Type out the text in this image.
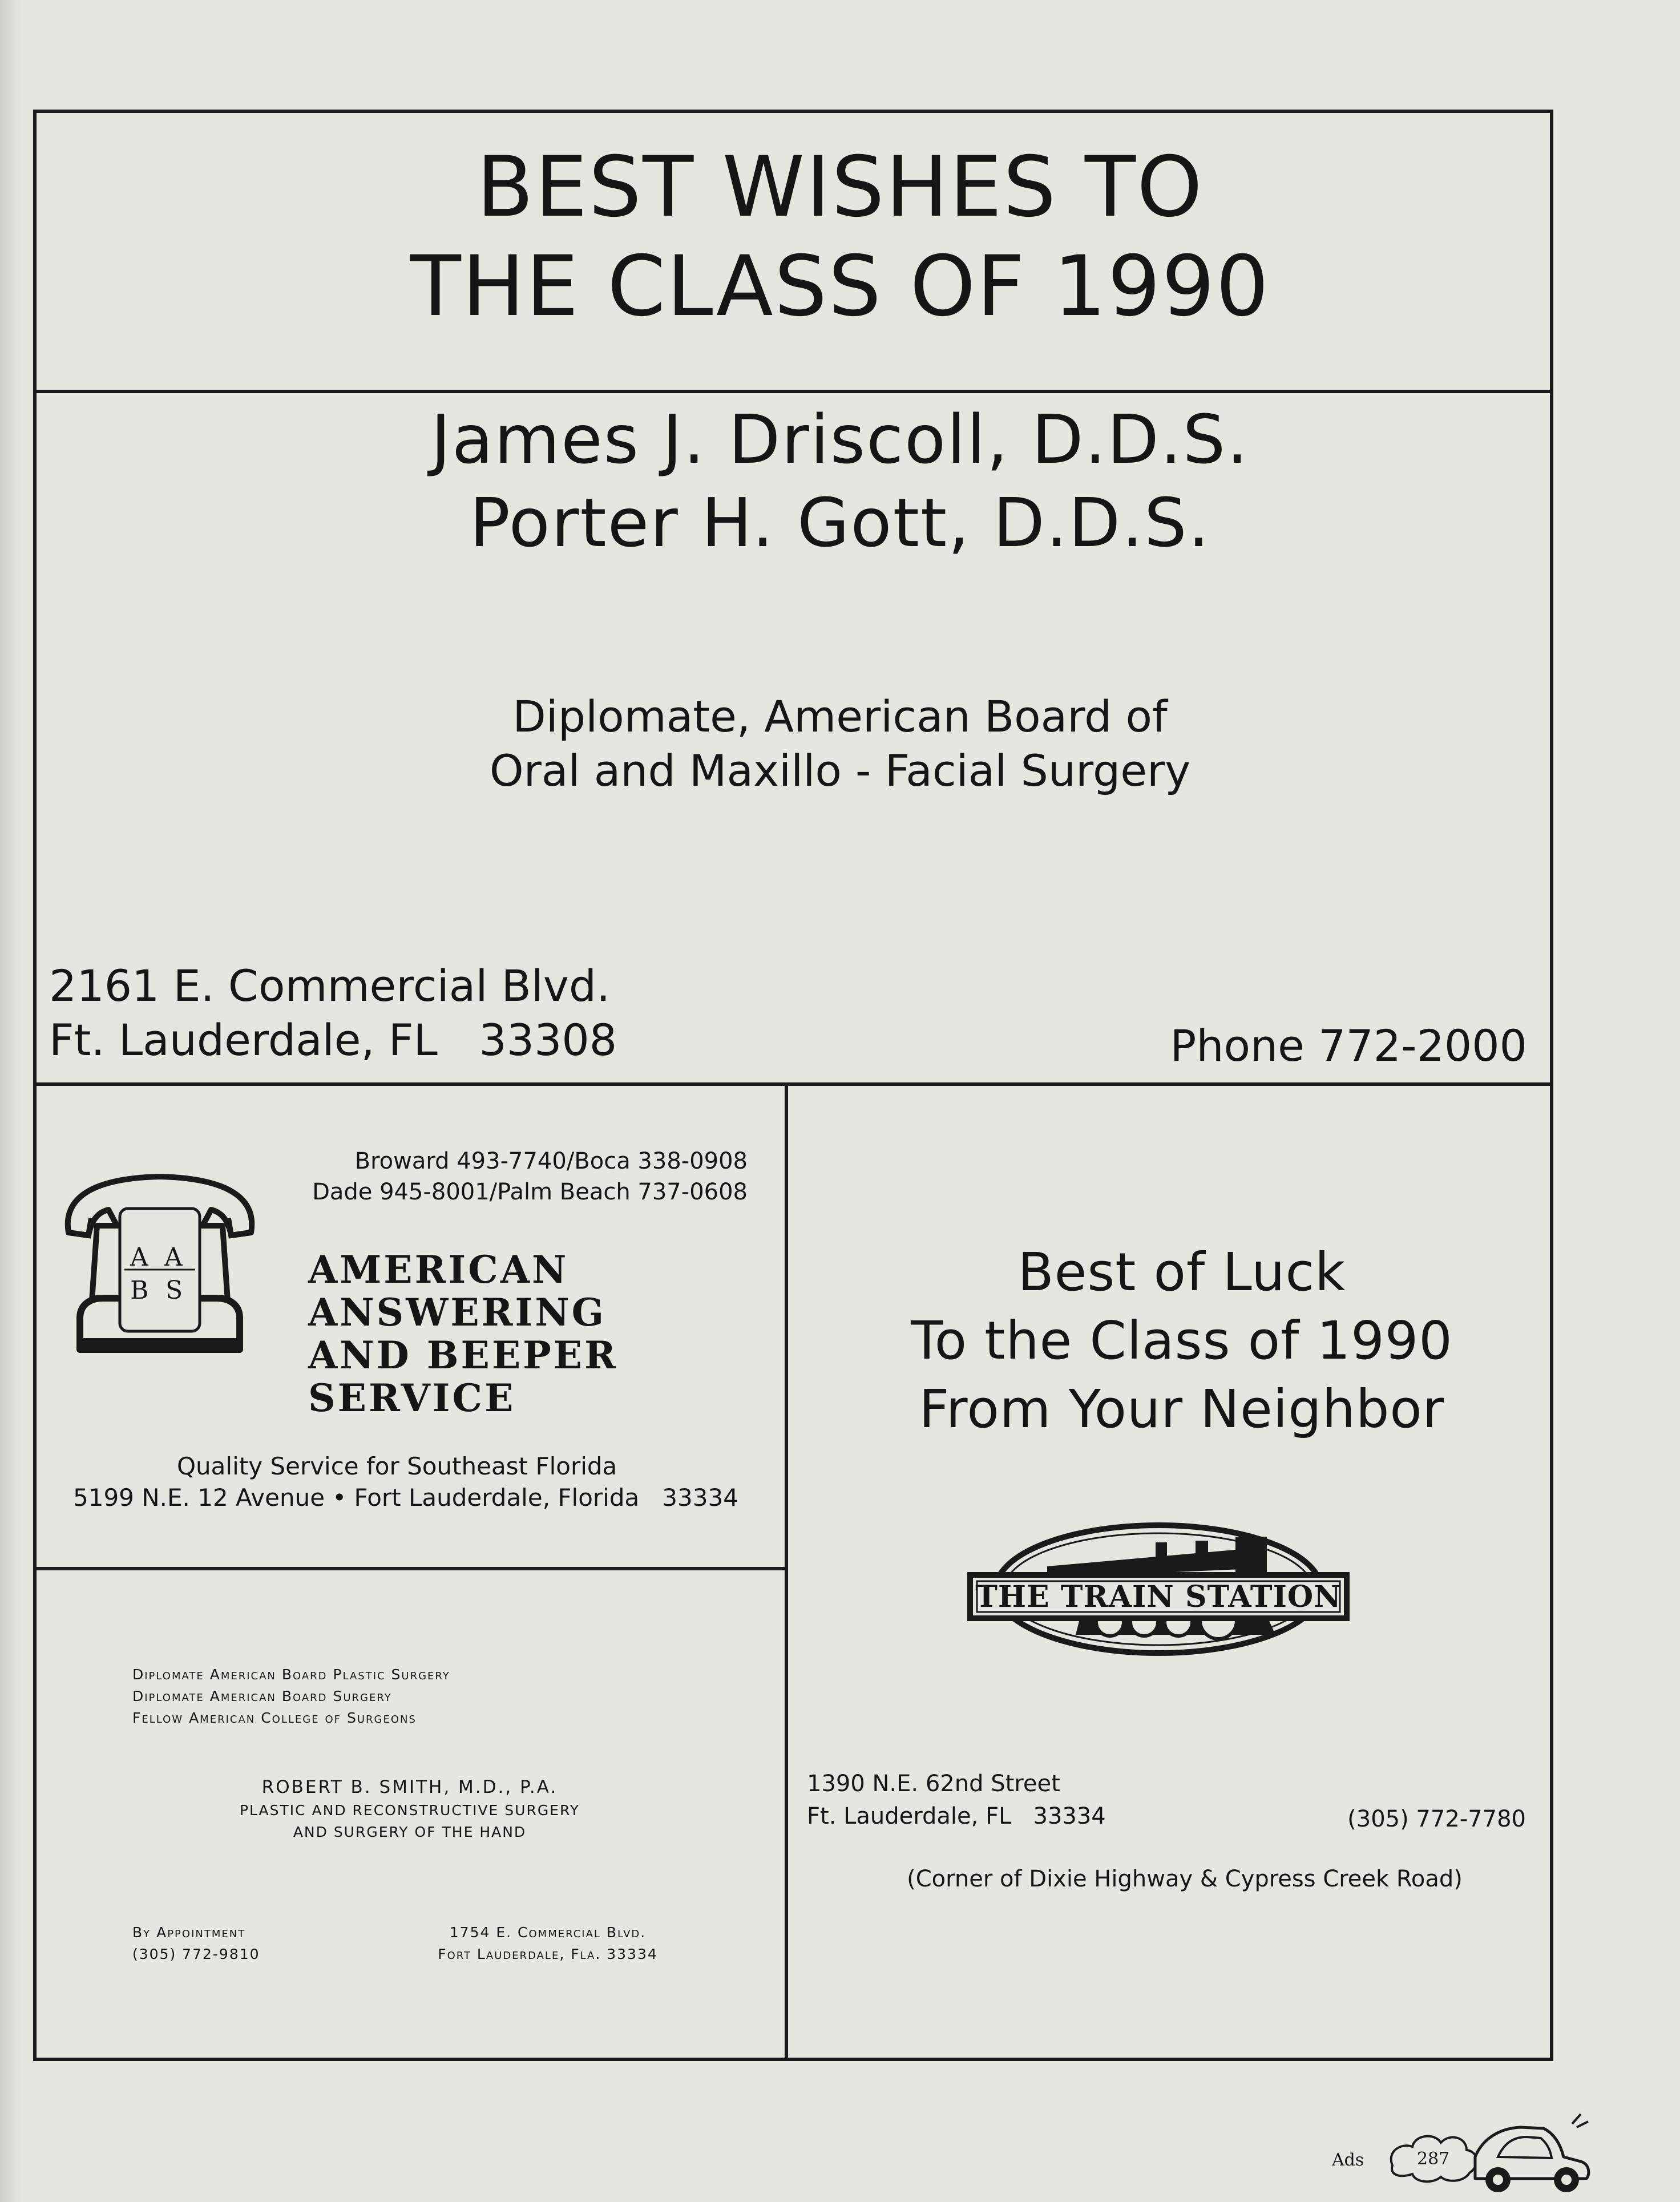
BEST WISHES TO
THE CLASS OF 1990
James J. Driscoll, D.D.S.
Porter H. Gott, D.D.S.
Diplomate, American Board of
Oral and Maxillo - Facial Surgery
2161 E. Commercial Blvd.
Ft. Lauderdale, FL   33308	Phone 772-2000
Broward 493-7740/Boca 338-0908
Dade 945-8001/Palm Beach 737-0608
A A
B S	AMERICAN
ANSWERING
AND BEEPER
SERVICE
Quality Service for Southeast Florida
5199 N.E. 12 Avenue • Fort Lauderdale, Florida   33334
Diplomate American Board Plastic Surgery
Diplomate American Board Surgery
Fellow American College of Surgeons
ROBERT B. SMITH, M.D., P.A.
PLASTIC AND RECONSTRUCTIVE SURGERY
AND SURGERY OF THE HAND
By Appointment
(305) 772-9810
1754 E. Commercial Blvd.
Fort Lauderdale, Fla. 33334
Best of Luck
To the Class of 1990
From Your Neighbor
THE TRAIN STATION
1390 N.E. 62nd Street
Ft. Lauderdale, FL   33334	(305) 772-7780
(Corner of Dixie Highway & Cypress Creek Road)
Ads	287
